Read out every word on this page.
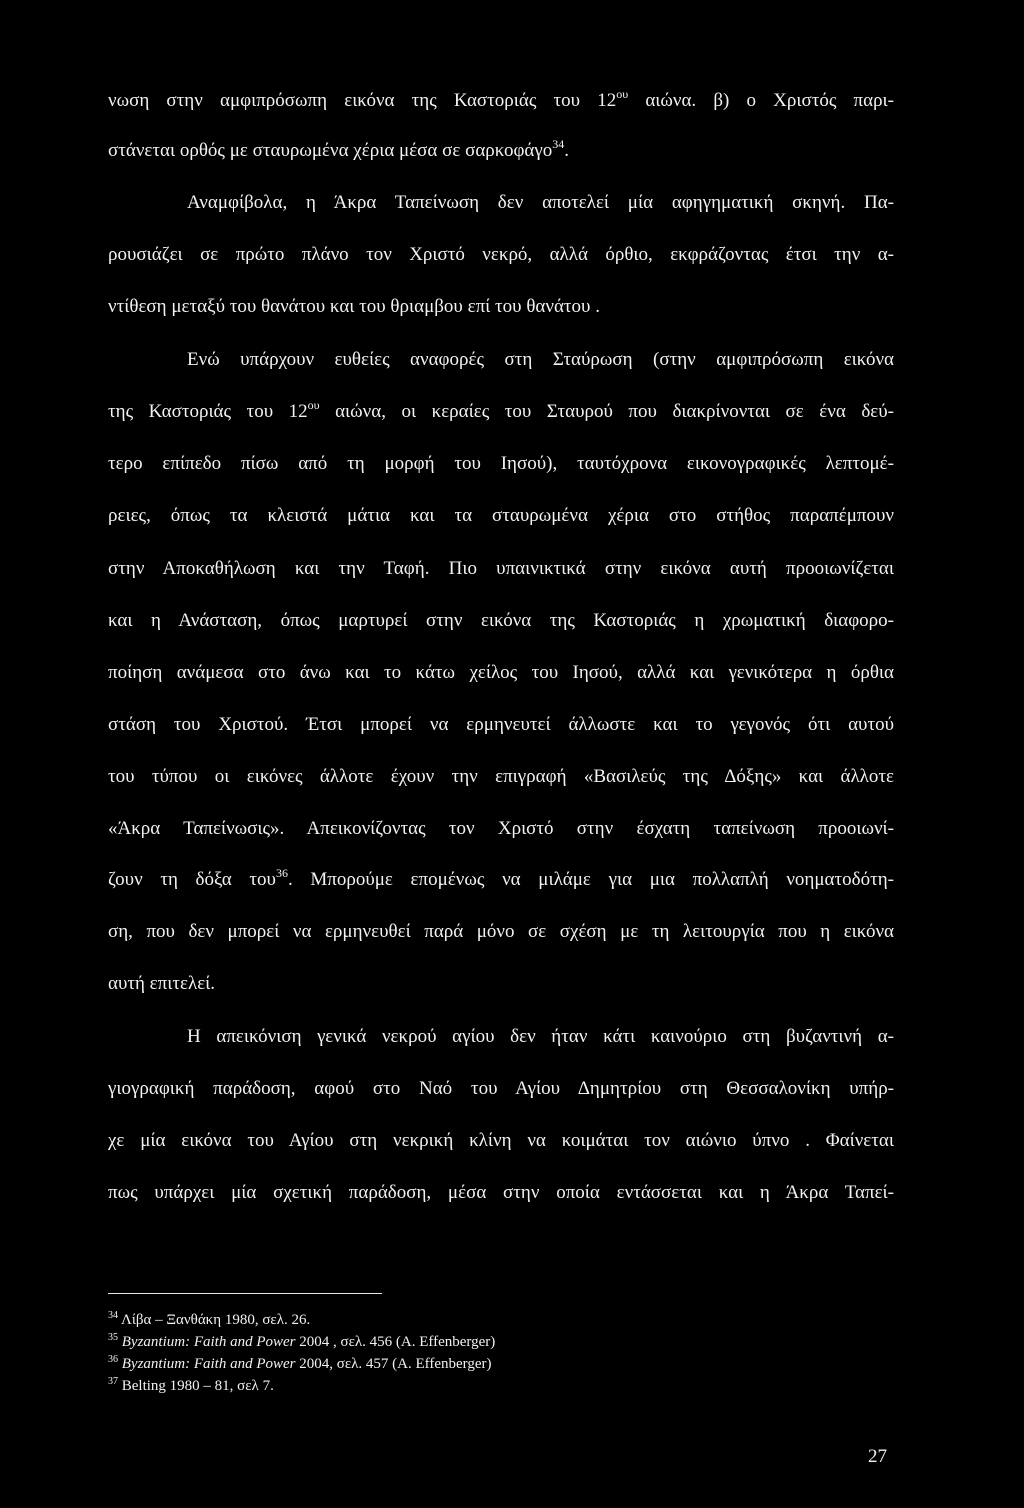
νωση στην αμφιπρόσωπη εικόνα της Καστοριάς του $12^{o\upsilon}$ αιώνα. β) ο Χριστός παρι-
στάνεται ορθός με σταυρωμένα χέρια μέσα σε σαρκοφάγο$^{34}$.
Αναμφίβολα, η Άκρα Ταπείνωση δεν αποτελεί μία αφηγηματική σκηνή. Πα-
ρουσιάζει σε πρώτο πλάνο τον Χριστό νεκρό, αλλά όρθιο, εκφράζοντας έτσι την α-
ντίθεση μεταξύ του θανάτου και του θριαμβου επί του θανάτου .
Ενώ υπάρχουν ευθείες αναφορές στη Σταύρωση (στην αμφιπρόσωπη εικόνα
της Καστοριάς του $12^{o\upsilon}$ αιώνα, οι κεραίες του Σταυρού που διακρίνονται σε ένα δεύ-
τερο επίπεδο πίσω από τη μορφή του Ιησού), ταυτόχρονα εικονογραφικές λεπτομέ-
ρειες, όπως τα κλειστά μάτια και τα σταυρωμένα χέρια στο στήθος παραπέμπουν
στην Αποκαθήλωση και την Ταφή. Πιο υπαινικτικά στην εικόνα αυτή προοιωνίζεται
και η Ανάσταση, όπως μαρτυρεί στην εικόνα της Καστοριάς η χρωματική διαφορο-
ποίηση ανάμεσα στο άνω και το κάτω χείλος του Ιησού, αλλά και γενικότερα η όρθια
στάση του Χριστού. Έτσι μπορεί να ερμηνευτεί άλλωστε και το γεγονός ότι αυτού
του τύπου οι εικόνες άλλοτε έχουν την επιγραφή «Βασιλεύς της Δόξης» και άλλοτε
«Άκρα Ταπείνωσις». Απεικονίζοντας τον Χριστό στην έσχατη ταπείνωση προοιωνί-
ζουν τη δόξα του$^{36}$. Μπορούμε επομένως να μιλάμε για μια πολλαπλή νοηματοδότη-
ση, που δεν μπορεί να ερμηνευθεί παρά μόνο σε σχέση με τη λειτουργία που η εικόνα
αυτή επιτελεί.
Η απεικόνιση γενικά νεκρού αγίου δεν ήταν κάτι καινούριο στη βυζαντινή α-
γιογραφική παράδοση, αφού στο Ναό του Αγίου Δημητρίου στη Θεσσαλονίκη υπήρ-
χε μία εικόνα του Αγίου στη νεκρική κλίνη να κοιμάται τον αιώνιο ύπνο . Φαίνεται
πως υπάρχει μία σχετική παράδοση, μέσα στην οποία εντάσσεται και η Άκρα Ταπεί-
$^{34}$ Λίβα – Ξανθάκη 1980, σελ. 26.
$^{35}$ Byzantium: Faith and Power 2004 , σελ. 456 (A. Effenberger)
$^{36}$ Byzantium: Faith and Power 2004, σελ. 457 (A. Effenberger)
$^{37}$ Belting 1980 – 81, σελ 7.
27
